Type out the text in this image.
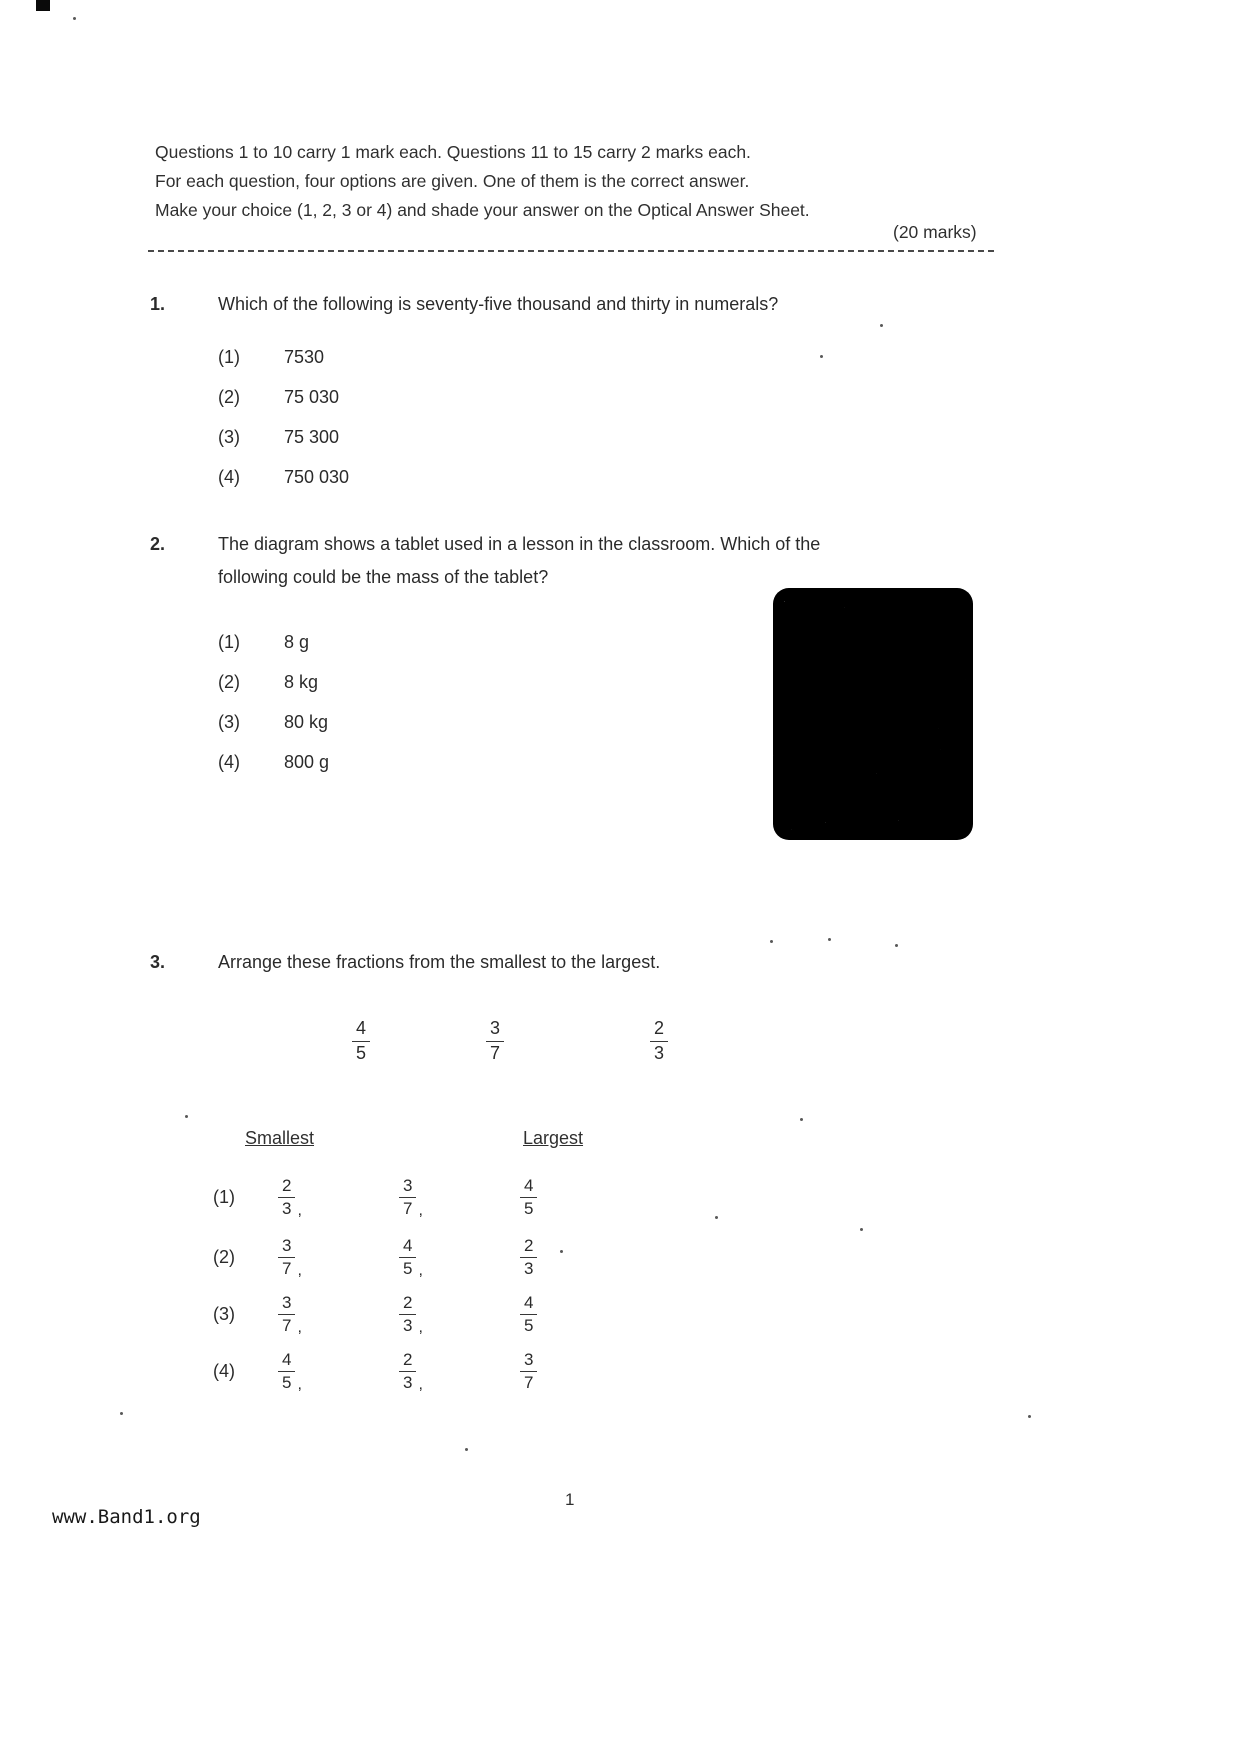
Questions 1 to 10 carry 1 mark each. Questions 11 to 15 carry 2 marks each.
For each question, four options are given. One of them is the correct answer.
Make your choice (1, 2, 3 or 4) and shade your answer on the Optical Answer Sheet.
(20 marks)
1.	Which of the following is seventy-five thousand and thirty in numerals?
(1)	7530
(2)	75 030
(3)	75 300
(4)	750 030
2.	The diagram shows a tablet used in a lesson in the classroom. Which of the
following could be the mass of the tablet?
(1)	8 g
(2)	8 kg
(3)	80 kg
(4)	800 g
3.	Arrange these fractions from the smallest to the largest.
$\frac{4}{5}$	$\frac{3}{7}$	$\frac{2}{3}$
Smallest	Largest
(1)	$\frac{2}{3}$ ,	$\frac{3}{7}$ ,	$\frac{4}{5}$
(2)	$\frac{3}{7}$ ,	$\frac{4}{5}$ ,	$\frac{2}{3}$
(3)	$\frac{3}{7}$ ,	$\frac{2}{3}$ ,	$\frac{4}{5}$
(4)	$\frac{4}{5}$ ,	$\frac{2}{3}$ ,	$\frac{3}{7}$
1
www.Band1.org
